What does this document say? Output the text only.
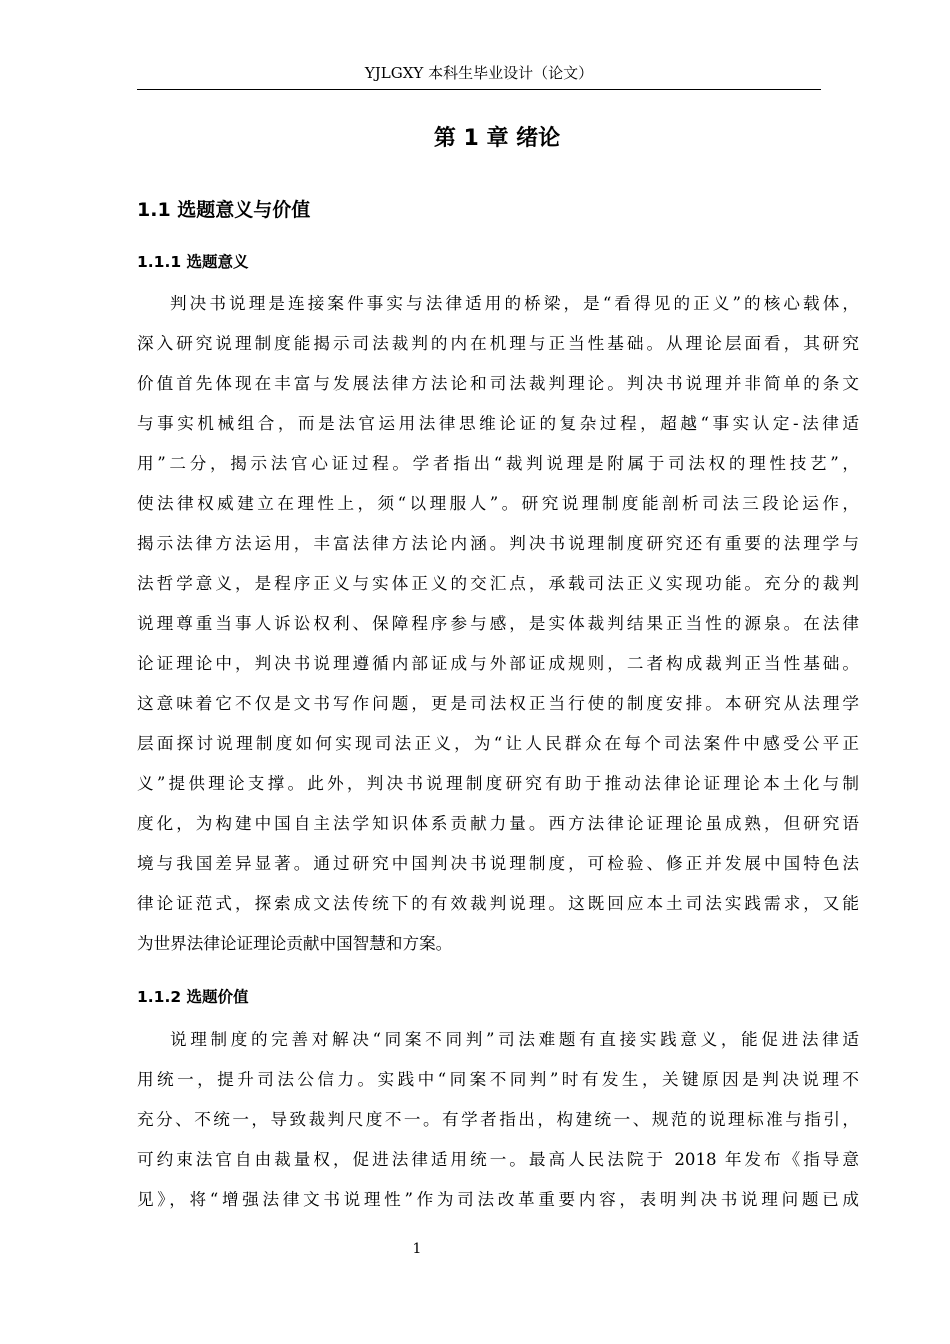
YJLGXY 本科生毕业设计（论文）
第 1 章 绪论
1.1 选题意义与价值
1.1.1 选题意义
判决书说理是连接案件事实与法律适用的桥梁，是“看得见的正义”的核心载体，
深入研究说理制度能揭示司法裁判的内在机理与正当性基础。从理论层面看，其研究
价值首先体现在丰富与发展法律方法论和司法裁判理论。判决书说理并非简单的条文
与事实机械组合，而是法官运用法律思维论证的复杂过程，超越“事实认定-法律适
用”二分，揭示法官心证过程。学者指出“裁判说理是附属于司法权的理性技艺”，
使法律权威建立在理性上，须“以理服人”。研究说理制度能剖析司法三段论运作，
揭示法律方法运用，丰富法律方法论内涵。判决书说理制度研究还有重要的法理学与
法哲学意义，是程序正义与实体正义的交汇点，承载司法正义实现功能。充分的裁判
说理尊重当事人诉讼权利、保障程序参与感，是实体裁判结果正当性的源泉。在法律
论证理论中，判决书说理遵循内部证成与外部证成规则，二者构成裁判正当性基础。
这意味着它不仅是文书写作问题，更是司法权正当行使的制度安排。本研究从法理学
层面探讨说理制度如何实现司法正义，为“让人民群众在每个司法案件中感受公平正
义”提供理论支撑。此外，判决书说理制度研究有助于推动法律论证理论本土化与制
度化，为构建中国自主法学知识体系贡献力量。西方法律论证理论虽成熟，但研究语
境与我国差异显著。通过研究中国判决书说理制度，可检验、修正并发展中国特色法
律论证范式，探索成文法传统下的有效裁判说理。这既回应本土司法实践需求，又能
为世界法律论证理论贡献中国智慧和方案。
1.1.2 选题价值
说理制度的完善对解决“同案不同判”司法难题有直接实践意义，能促进法律适
用统一，提升司法公信力。实践中“同案不同判”时有发生，关键原因是判决说理不
充分、不统一，导致裁判尺度不一。有学者指出，构建统一、规范的说理标准与指引，
可约束法官自由裁量权，促进法律适用统一。最高人民法院于 2018 年发布《指导意
见》，将“增强法律文书说理性”作为司法改革重要内容，表明判决书说理问题已成
1
